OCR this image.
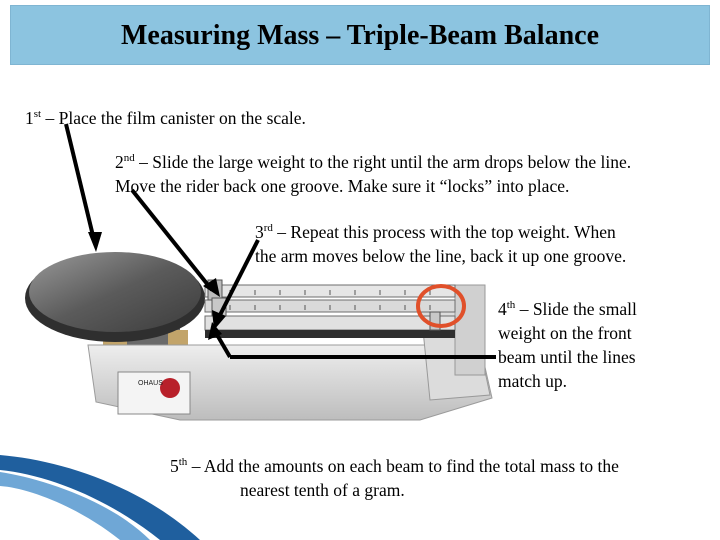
Measuring Mass – Triple-Beam Balance
OHAUS
1st – Place the film canister on the scale.
2nd – Slide the large weight to the right until the arm drops below the line.
Move the rider back one groove. Make sure it “locks” into place.
3rd – Repeat this process with the top weight. When
the arm moves below the line, back it up one groove.
4th – Slide the small
weight on the front
beam until the lines
match up.
5th – Add the amounts on each beam to find the total mass to the
nearest tenth of a gram.
